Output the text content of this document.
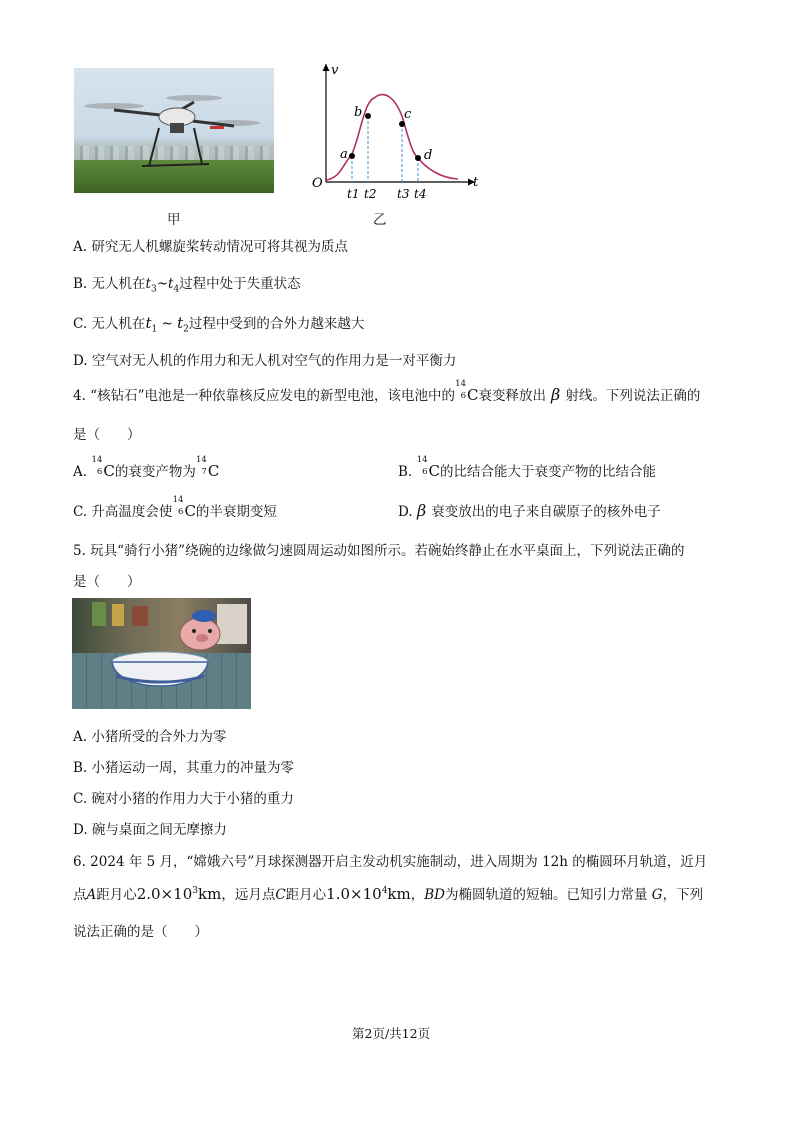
甲
v
t
O
a
b	c
d
t1 t2 t3 t4
乙
A. 研究无人机螺旋桨转动情况可将其视为质点
B. 无人机在$t_3\sim t_4$过程中处于失重状态
C. 无人机在$t_1$ ~ $t_2$过程中受到的合外力越来越大
D. 空气对无人机的作用力和无人机对空气的作用力是一对平衡力
4. “核钻石”电池是一种依靠核反应发电的新型电池，该电池中的
14
6 C衰变释放出 β 射线。下列说法正确的
是（　　）
A.
14
6 C的衰变产物为
14
7 C	B.
14
6 C的比结合能大于衰变产物的比结合能
C. 升高温度会使
14
6 C的半衰期变短	D. β 衰变放出的电子来自碳原子的核外电子
5. 玩具“骑行小猪”绕碗的边缘做匀速圆周运动如图所示。若碗始终静止在水平桌面上，下列说法正确的
是（　　）
A. 小猪所受的合外力为零
B. 小猪运动一周，其重力的冲量为零
C. 碗对小猪的作用力大于小猪的重力
D. 碗与桌面之间无摩擦力
6. 2024 年 5 月，“嫦娥六号”月球探测器开启主发动机实施制动，进入周期为 12h 的椭圆环月轨道，近月
点A距月心$2.0\times 10^3km$，远月点C距月心$1.0\times 10^4km$，BD为椭圆轨道的短轴。已知引力常量 G，下列
说法正确的是（　　）
第2页/共12页
